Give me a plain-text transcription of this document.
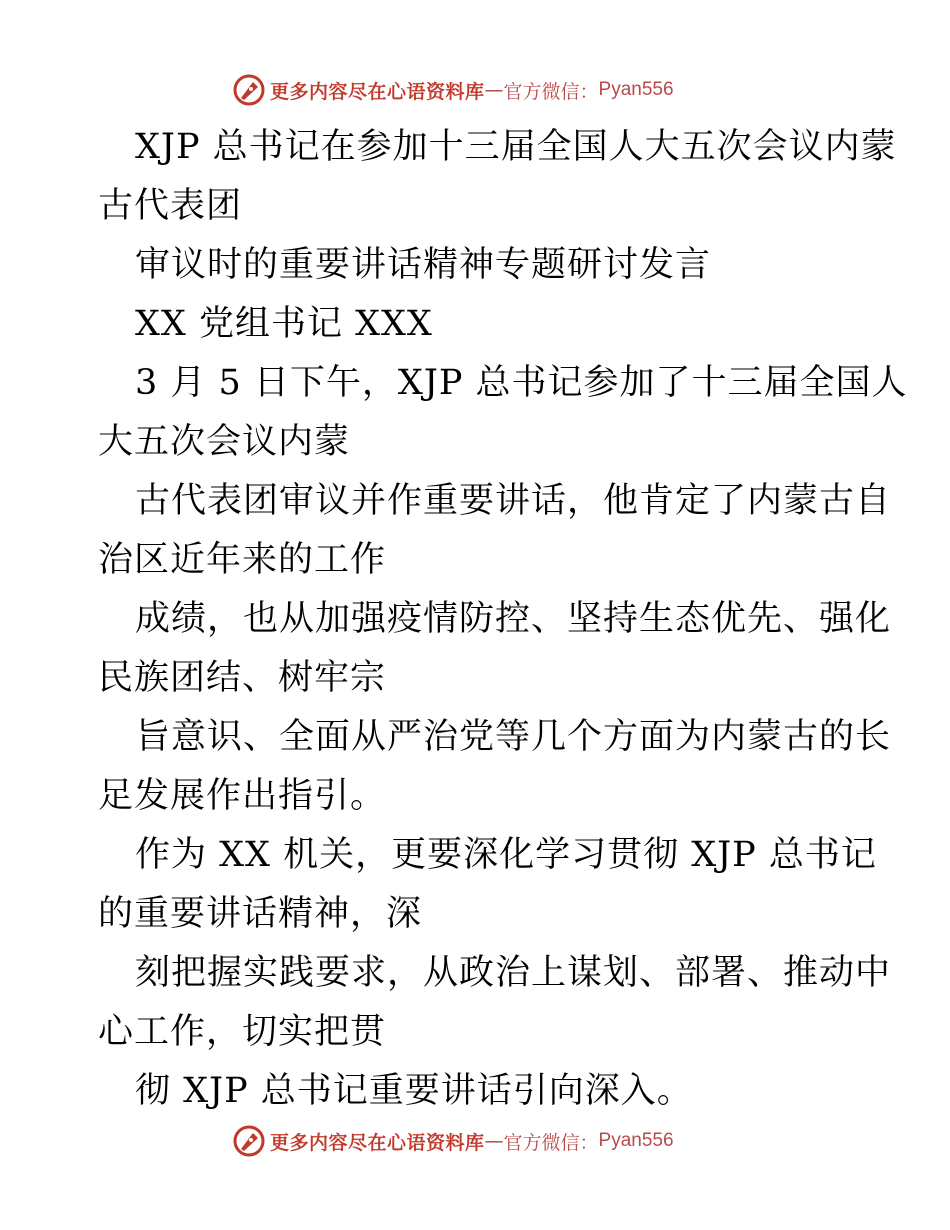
更多内容尽在心语资料库 — 官方微信： Pyan556
XJP 总书记在参加十三届全国人大五次会议内蒙
古代表团
审议时的重要讲话精神专题研讨发言
XX 党组书记 XXX
3 月 5 日下午，XJP 总书记参加了十三届全国人
大五次会议内蒙
古代表团审议并作重要讲话，他肯定了内蒙古自
治区近年来的工作
成绩，也从加强疫情防控、坚持生态优先、强化
民族团结、树牢宗
旨意识、全面从严治党等几个方面为内蒙古的长
足发展作出指引。
作为 XX 机关，更要深化学习贯彻 XJP 总书记
的重要讲话精神，深
刻把握实践要求，从政治上谋划、部署、推动中
心工作，切实把贯
彻 XJP 总书记重要讲话引向深入。
更多内容尽在心语资料库 — 官方微信： Pyan556
